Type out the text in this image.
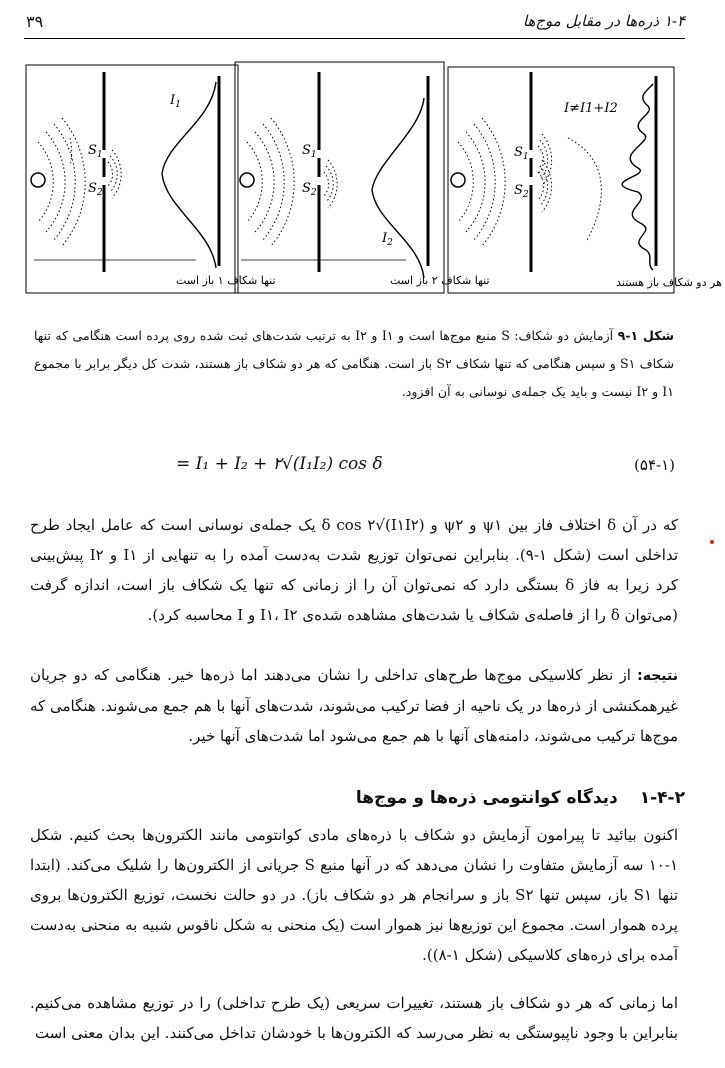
۳۹	۱-۴ ذره‌ها در مقابل موج‌ها
$S_1$
$S_2$
$I_1$
تنها شکاف ۱ باز است
$S_1$
$S_2$
$I_2$
تنها شکاف ۲ باز است
$S_1$
$S_2$
I≠I1+I2
هر دو شکاف باز هستند
شکل ۱-۹ آزمایش دو شکاف: S منبع موج‌ها است و I۱ و I۲ به ترتیب شدت‌های ثبت شده روی پرده است هنگامی که تنها شکاف S۱ و سپس هنگامی که تنها شکاف S۲ باز است. هنگامی که هر دو شکاف باز هستند، شدت کل دیگر برابر با مجموع I۱ و I۲ نیست و باید یک جمله‌ی نوسانی به آن افزود.
= I₁ + I₂ + ۲√(I₁I₂) cos δ	(۵۴-۱)
که در آن δ اختلاف فاز بین ψ۱ و ψ۲ و δ cos ۲√(I۱I۲) یک جمله‌ی نوسانی است که عامل ایجاد طرح تداخلی است (شکل ۱-۹). بنابراین نمی‌توان توزیع شدت به‌دست آمده را به تنهایی از I۱ و I۲ پیش‌بینی کرد زیرا به فاز δ بستگی دارد که نمی‌توان آن را از زمانی که تنها یک شکاف باز است، اندازه گرفت (می‌توان δ را از فاصله‌ی شکاف یا شدت‌های مشاهده شده‌ی I۱، I۲ و I محاسبه کرد).
نتیجه: از نظر کلاسیکی موج‌ها طرح‌های تداخلی را نشان می‌دهند اما ذره‌ها خیر. هنگامی که دو جریان غیرهمکنشی از ذره‌ها در یک ناحیه از فضا ترکیب می‌شوند، شدت‌های آنها با هم جمع می‌شوند. هنگامی که موج‌ها ترکیب می‌شوند، دامنه‌های آنها با هم جمع می‌شود اما شدت‌های آنها خیر.
۱-۴-۲دیدگاه کوانتومی ذره‌ها و موج‌ها
اکنون بیائید تا پیرامون آزمایش دو شکاف با ذره‌های مادی کوانتومی مانند الکترون‌ها بحث کنیم. شکل ۱-۱۰ سه آزمایش متفاوت را نشان می‌دهد که در آنها منبع S جریانی از الکترون‌ها را شلیک می‌کند. (ابتدا تنها S۱ باز، سپس تنها S۲ باز و سرانجام هر دو شکاف باز). در دو حالت نخست، توزیع الکترون‌ها بروی پرده هموار است. مجموع این توزیع‌ها نیز هموار است (یک منحنی به شکل ناقوس شبیه به منحنی به‌دست آمده برای ذره‌های کلاسیکی (شکل ۱-۸)).
اما زمانی که هر دو شکاف باز هستند، تغییرات سریعی (یک طرح تداخلی) را در توزیع مشاهده می‌کنیم. بنابراین با وجود ناپیوستگی به نظر می‌رسد که الکترون‌ها با خودشان تداخل می‌کنند. این بدان معنی است
